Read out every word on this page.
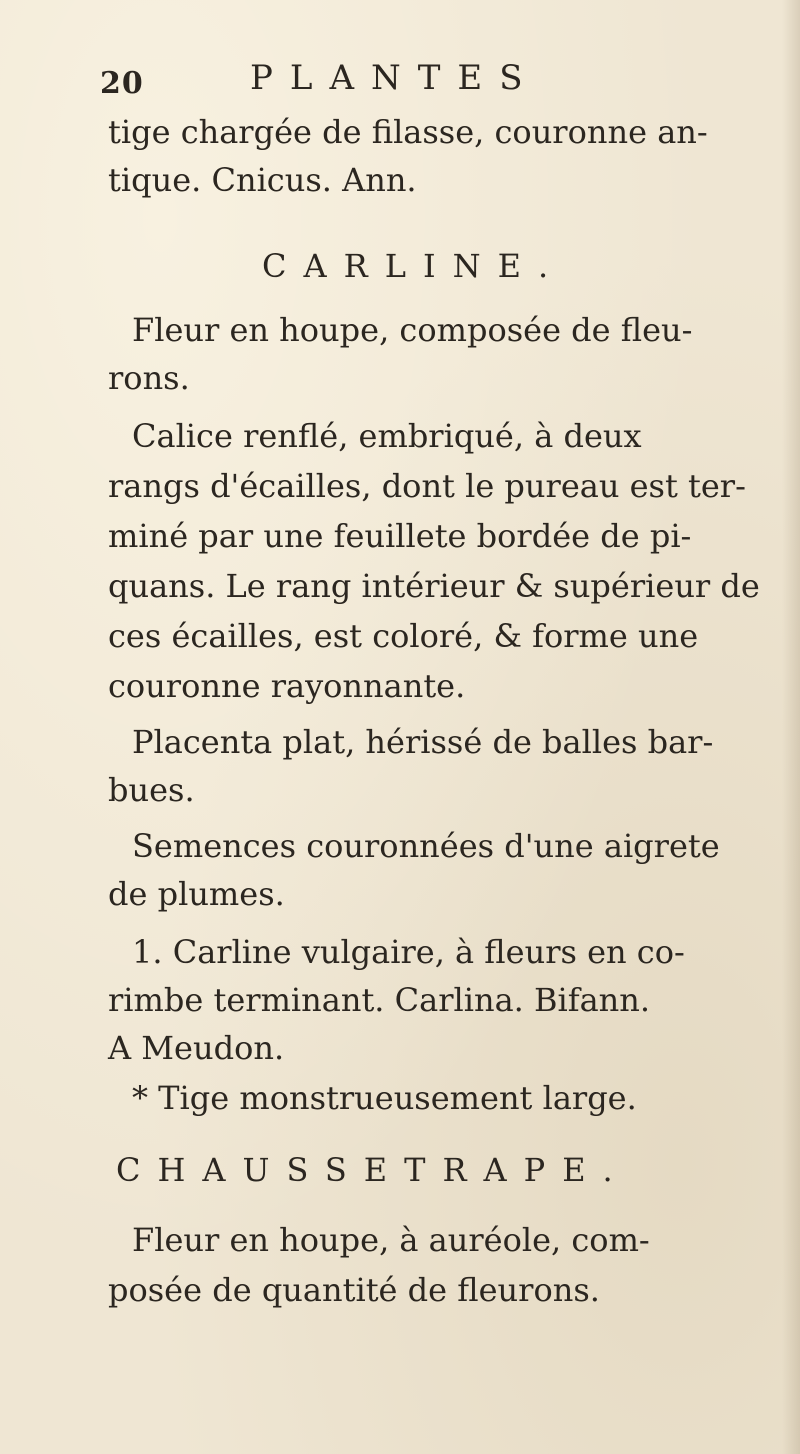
20	PLANTES
tige chargée de filasse, couronne an-
tique. Cnicus. Ann.
CARLINE.
Fleur en houpe, composée de fleu-
rons.
Calice renflé, embriqué, à deux
rangs d'écailles, dont le pureau est ter-
miné par une feuillete bordée de pi-
quans. Le rang intérieur & supérieur de
ces écailles, est coloré, & forme une
couronne rayonnante.
Placenta plat, hérissé de balles bar-
bues.
Semences couronnées d'une aigrete
de plumes.
1. Carline vulgaire, à fleurs en co-
rimbe terminant. Carlina. Bifann.
A Meudon.
* Tige monstrueusement large.
CHAUSSETRAPE.
Fleur en houpe, à auréole, com-
posée de quantité de fleurons.
